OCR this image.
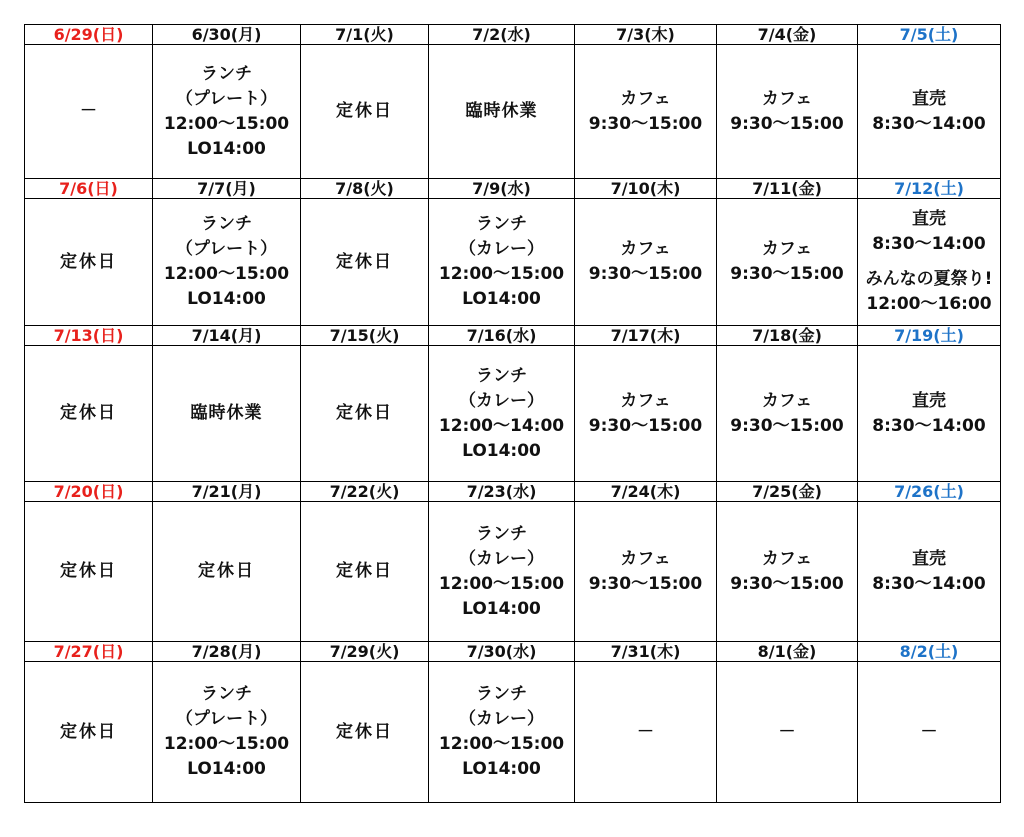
6/29(日)	6/30(月)	7/1(火)	7/2(水)	7/3(木)	7/4(金)	7/5(土)

－	ランチ
（プレート）
12:00～15:00
LO14:00	定休日	臨時休業	カフェ
9:30～15:00	カフェ
9:30～15:00	直売
8:30～14:00

7/6(日)	7/7(月)	7/8(火)	7/9(水)	7/10(木)	7/11(金)	7/12(土)

定休日	ランチ
（プレート）
12:00～15:00
LO14:00	定休日	ランチ
（カレー）
12:00～15:00
LO14:00	カフェ
9:30～15:00	カフェ
9:30～15:00	直売
8:30～14:00
みんなの夏祭り!
12:00～16:00

7/13(日)	7/14(月)	7/15(火)	7/16(水)	7/17(木)	7/18(金)	7/19(土)

定休日	臨時休業	定休日	ランチ
（カレー）
12:00～14:00
LO14:00	カフェ
9:30～15:00	カフェ
9:30～15:00	直売
8:30～14:00

7/20(日)	7/21(月)	7/22(火)	7/23(水)	7/24(木)	7/25(金)	7/26(土)

定休日	定休日	定休日	ランチ
（カレー）
12:00～15:00
LO14:00	カフェ
9:30～15:00	カフェ
9:30～15:00	直売
8:30～14:00

7/27(日)	7/28(月)	7/29(火)	7/30(水)	7/31(木)	8/1(金)	8/2(土)

定休日	ランチ
（プレート）
12:00～15:00
LO14:00	定休日	ランチ
（カレー）
12:00～15:00
LO14:00	－	－	－
